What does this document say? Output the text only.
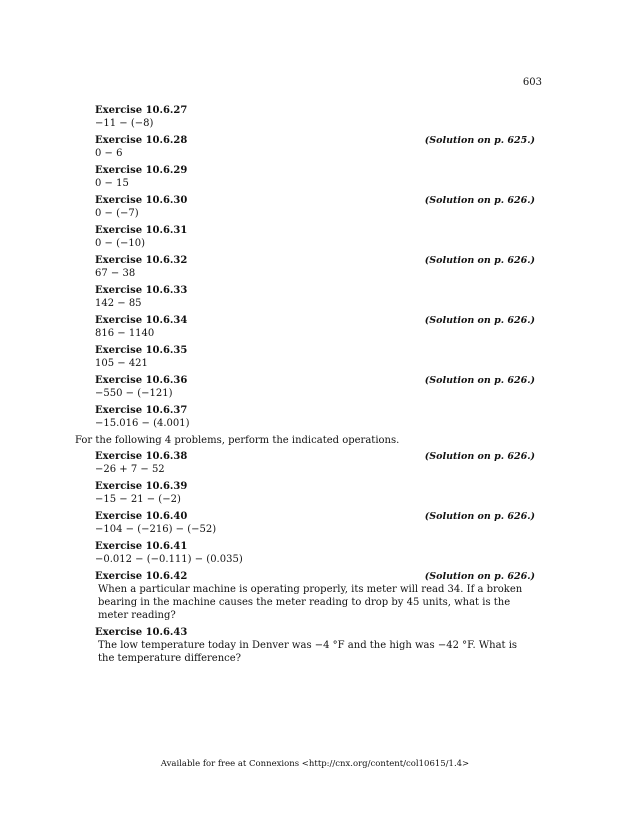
603
Exercise 10.6.27
−11 − (−8)
Exercise 10.6.28	(Solution on p. 625.)
0 − 6
Exercise 10.6.29
0 − 15
Exercise 10.6.30	(Solution on p. 626.)
0 − (−7)
Exercise 10.6.31
0 − (−10)
Exercise 10.6.32	(Solution on p. 626.)
67 − 38
Exercise 10.6.33
142 − 85
Exercise 10.6.34	(Solution on p. 626.)
816 − 1140
Exercise 10.6.35
105 − 421
Exercise 10.6.36	(Solution on p. 626.)
−550 − (−121)
Exercise 10.6.37
−15.016 − (4.001)
For the following 4 problems, perform the indicated operations.
Exercise 10.6.38	(Solution on p. 626.)
−26 + 7 − 52
Exercise 10.6.39
−15 − 21 − (−2)
Exercise 10.6.40	(Solution on p. 626.)
−104 − (−216) − (−52)
Exercise 10.6.41
−0.012 − (−0.111) − (0.035)
Exercise 10.6.42	(Solution on p. 626.)
When a particular machine is operating properly, its meter will read 34. If a broken bearing in the machine causes the meter reading to drop by 45 units, what is the meter reading?
Exercise 10.6.43
The low temperature today in Denver was −4 °F and the high was −42 °F. What is the temperature difference?
Available for free at Connexions <http://cnx.org/content/col10615/1.4>
